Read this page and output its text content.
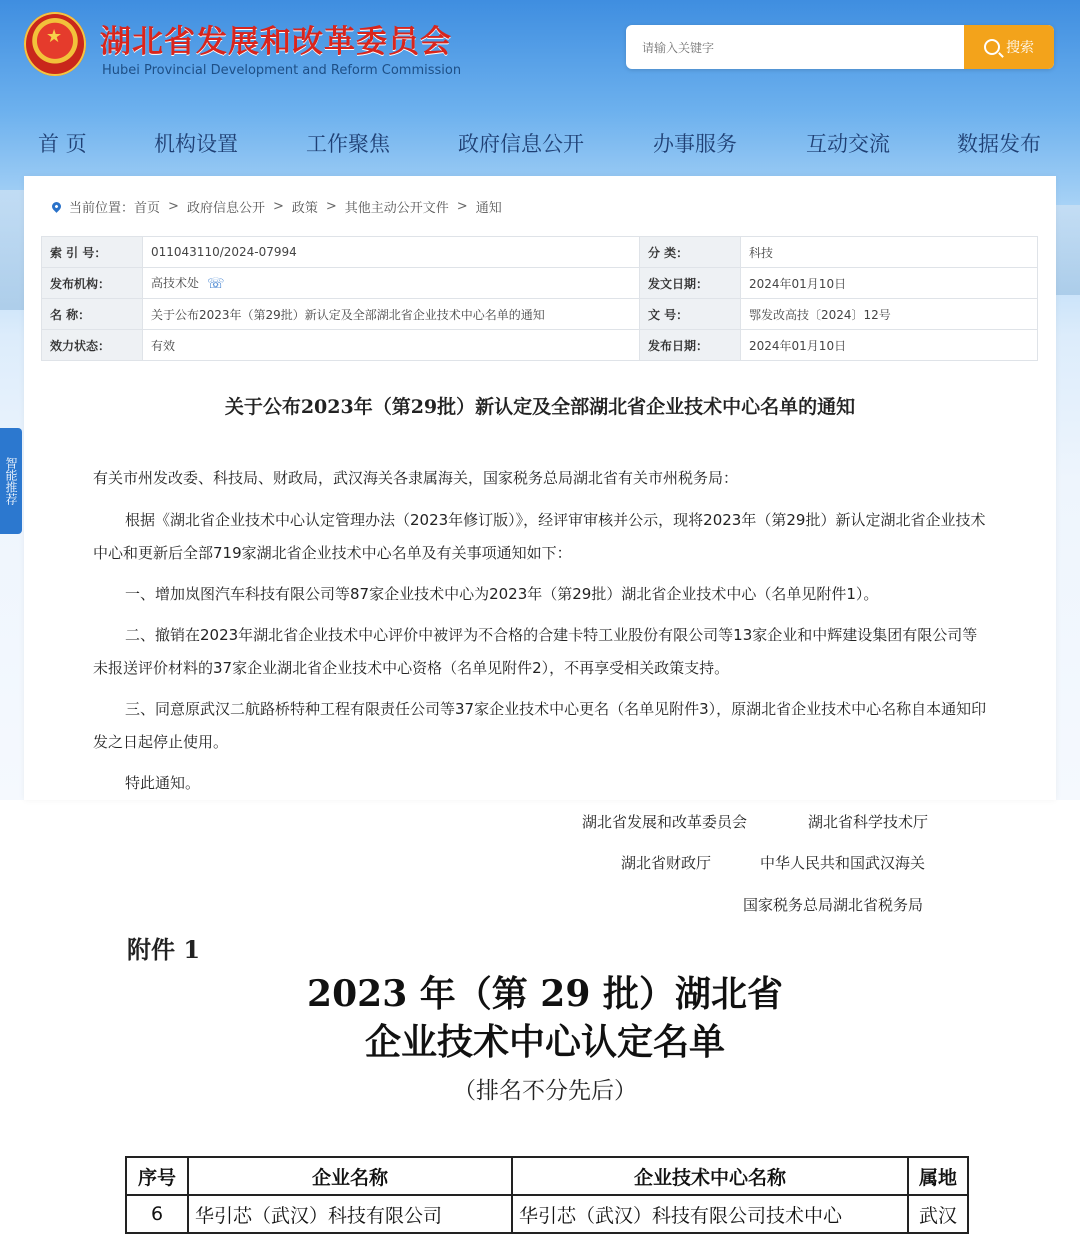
★ 湖北省发展和改革委员会
Hubei Provincial Development and Reform Commission
请输入关键字
搜索
首 页	机构设置	工作聚焦	政府信息公开	办事服务	互动交流	数据发布
当前位置： 首页 > 政府信息公开 > 政策 > 其他主动公开文件 > 通知
索 引 号：	011043110/2024-07994	分 类：	科技
发布机构：	高技术处 ☏	发文日期：	2024年01月10日
名 称：	关于公布2023年（第29批）新认定及全部湖北省企业技术中心名单的通知	文 号：	鄂发改高技〔2024〕12号
效力状态：	有效	发布日期：	2024年01月10日
关于公布2023年（第29批）新认定及全部湖北省企业技术中心名单的通知
智能推荐	有关市州发改委、科技局、财政局，武汉海关各隶属海关，国家税务总局湖北省有关市州税务局：
根据《湖北省企业技术中心认定管理办法（2023年修订版）》，经评审审核并公示，现将2023年（第29批）新认定湖北省企业技术中心和更新后全部719家湖北省企业技术中心名单及有关事项通知如下：
一、增加岚图汽车科技有限公司等87家企业技术中心为2023年（第29批）湖北省企业技术中心（名单见附件1）。
二、撤销在2023年湖北省企业技术中心评价中被评为不合格的合建卡特工业股份有限公司等13家企业和中辉建设集团有限公司等未报送评价材料的37家企业湖北省企业技术中心资格（名单见附件2），不再享受相关政策支持。
三、同意原武汉二航路桥特种工程有限责任公司等37家企业技术中心更名（名单见附件3），原湖北省企业技术中心名称自本通知印发之日起停止使用。
特此通知。
湖北省发展和改革委员会	湖北省科学技术厅
湖北省财政厅	中华人民共和国武汉海关
国家税务总局湖北省税务局
附件 1
2023 年（第 29 批）湖北省
企业技术中心认定名单
（排名不分先后）
序号	企业名称	企业技术中心名称	属地
6	华引芯（武汉）科技有限公司	华引芯（武汉）科技有限公司技术中心	武汉
